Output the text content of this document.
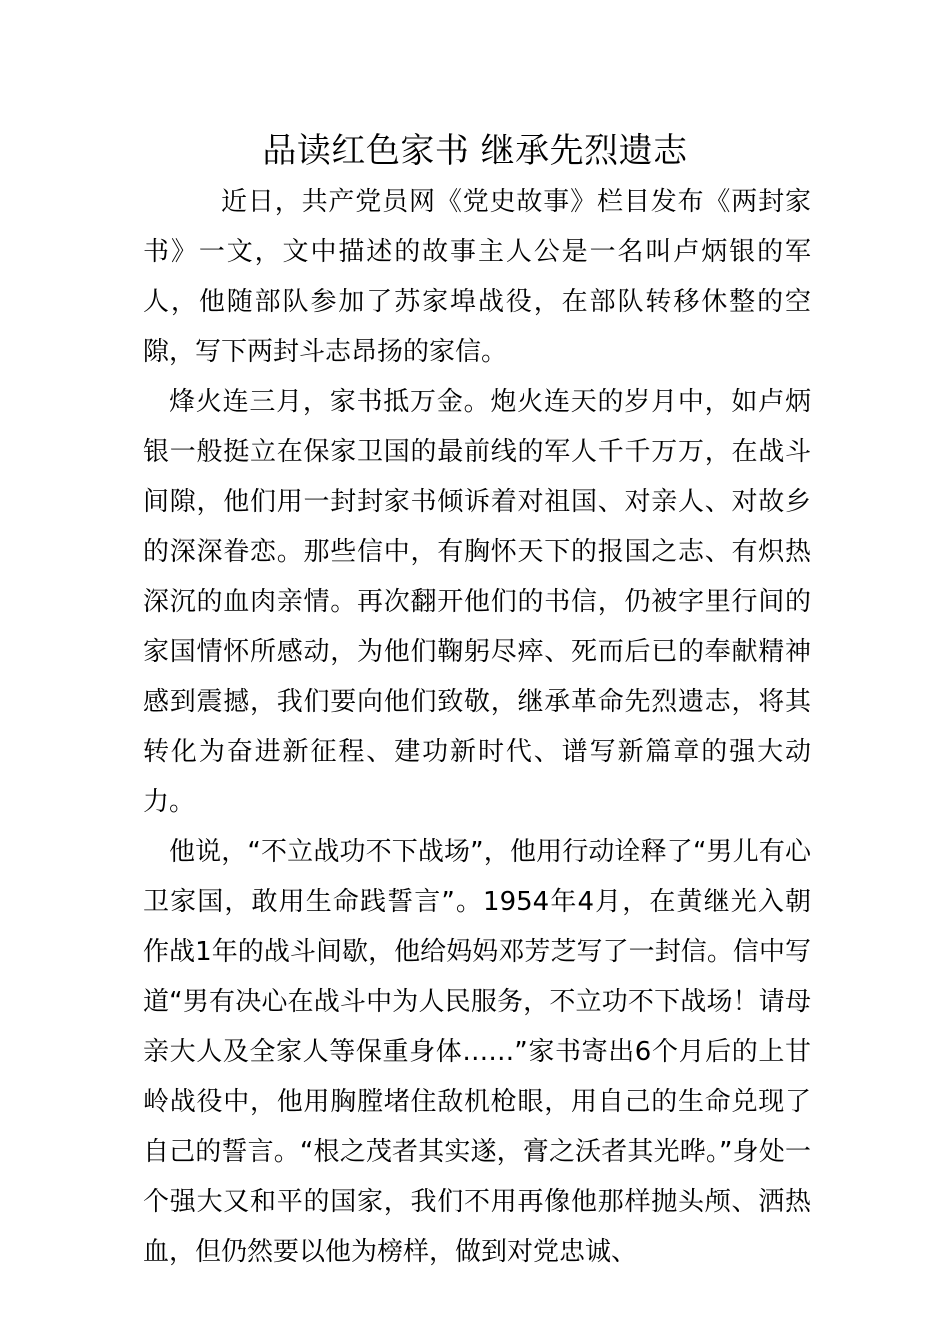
品读红色家书 继承先烈遗志

近日，共产党员网《党史故事》栏目发布《两封家书》一文，文中描述的故事主人公是一名叫卢炳银的军人，他随部队参加了苏家埠战役，在部队转移休整的空隙，写下两封斗志昂扬的家信。

烽火连三月，家书抵万金。炮火连天的岁月中，如卢炳银一般挺立在保家卫国的最前线的军人千千万万，在战斗间隙，他们用一封封家书倾诉着对祖国、对亲人、对故乡的深深眷恋。那些信中，有胸怀天下的报国之志、有炽热深沉的血肉亲情。再次翻开他们的书信，仍被字里行间的家国情怀所感动，为他们鞠躬尽瘁、死而后已的奉献精神感到震撼，我们要向他们致敬，继承革命先烈遗志，将其转化为奋进新征程、建功新时代、谱写新篇章的强大动力。

他说，“不立战功不下战场”，他用行动诠释了“男儿有心卫家国，敢用生命践誓言”。1954年4月，在黄继光入朝作战1年的战斗间歇，他给妈妈邓芳芝写了一封信。信中写道“男有决心在战斗中为人民服务，不立功不下战场！请母亲大人及全家人等保重身体……”家书寄出6个月后的上甘岭战役中，他用胸膛堵住敌机枪眼，用自己的生命兑现了自己的誓言。“根之茂者其实遂，膏之沃者其光晔。”身处一个强大又和平的国家，我们不用再像他那样抛头颅、洒热血，但仍然要以他为榜样，做到对党忠诚、
